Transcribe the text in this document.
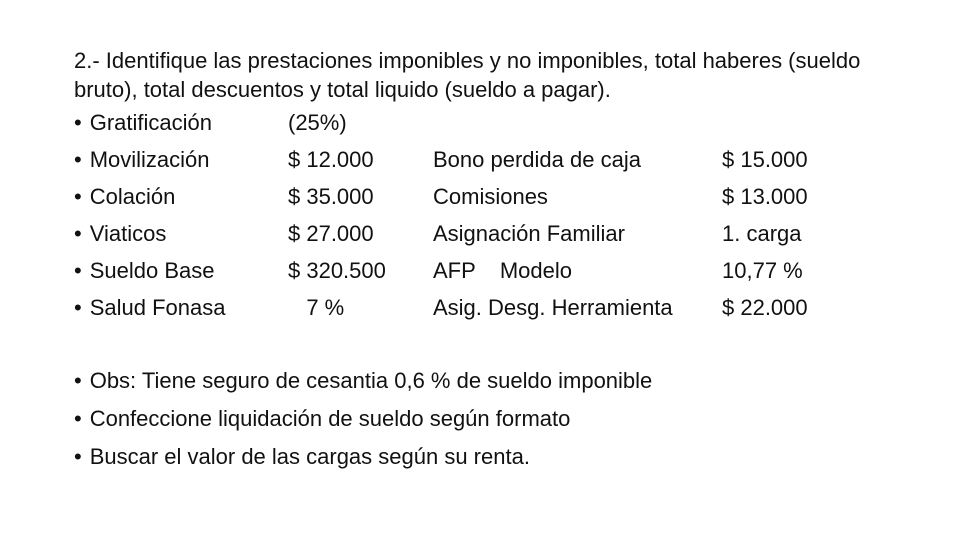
2.- Identifique las prestaciones imponibles y no imponibles, total haberes (sueldo bruto), total descuentos y total liquido (sueldo a pagar).

• Gratificación	(25%)
• Movilización	$ 12.000	Bono perdida de caja	$ 15.000
• Colación	$ 35.000	Comisiones	$ 13.000
• Viaticos	$ 27.000	Asignación Familiar	1. carga
• Sueldo Base	$ 320.500 AFP    Modelo	10,77 %
• Salud Fonasa	7 %	Asig. Desg. Herramienta $ 22.000
• Obs: Tiene seguro de cesantia 0,6 % de sueldo imponible
• Confeccione liquidación de sueldo según formato
• Buscar el valor de las cargas según su renta.
